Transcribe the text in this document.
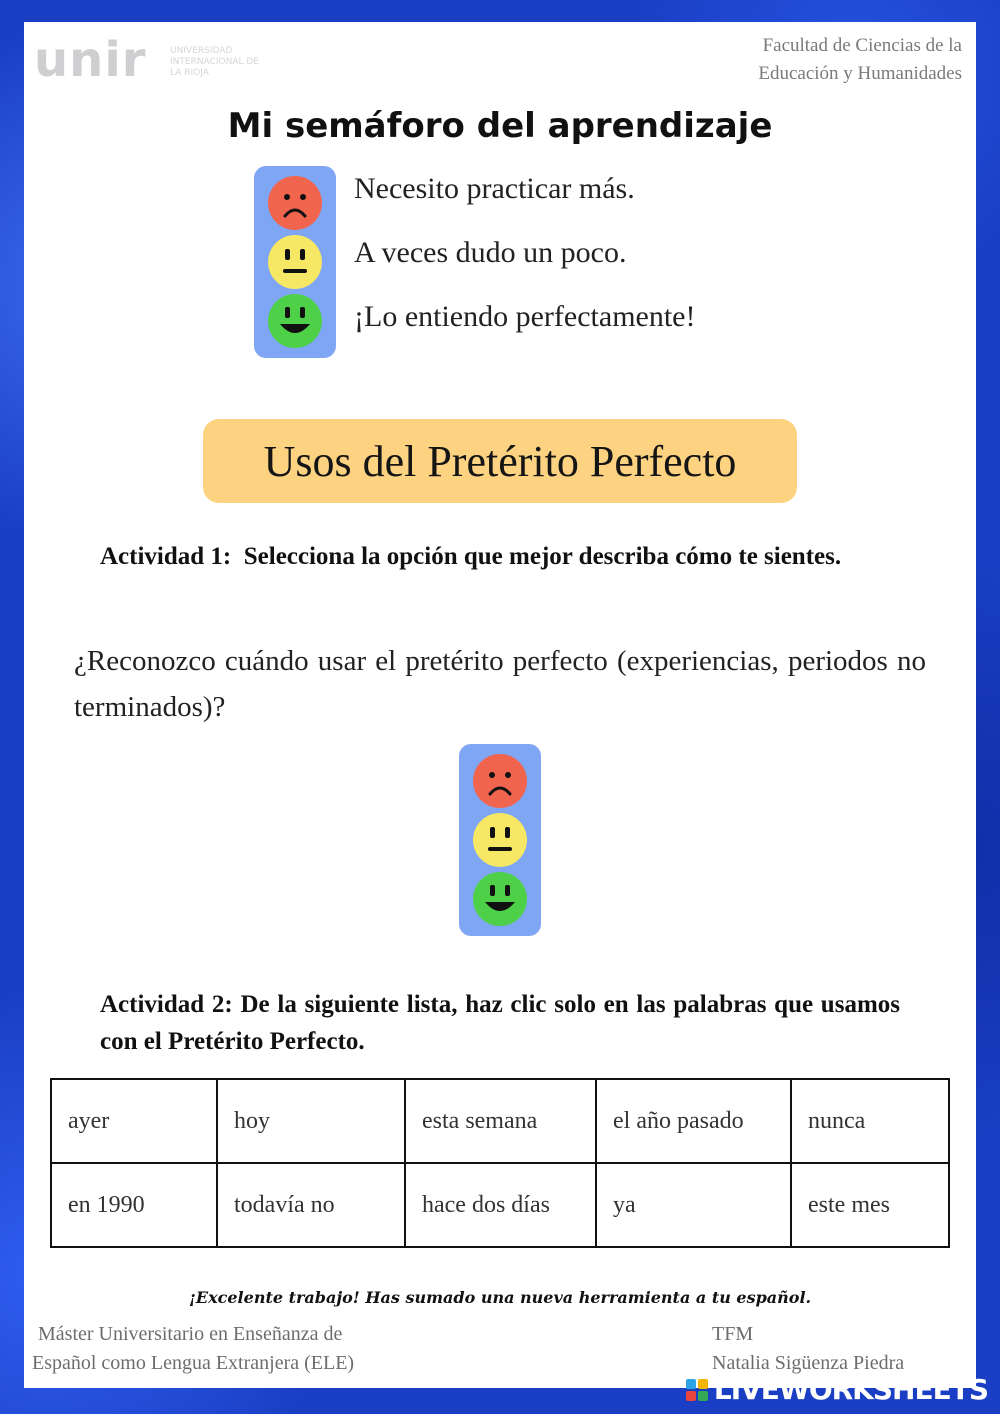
unir	UNIVERSIDAD INTERNACIONAL DE LA RIOJA
Facultad de Ciencias de la
Educación y Humanidades
Mi semáforo del aprendizaje
Necesito practicar más.
A veces dudo un poco.
¡Lo entiendo perfectamente!
Usos del Pretérito Perfecto
Actividad 1: Selecciona la opción que mejor describa cómo te sientes.
¿Reconozco cuándo usar el pretérito perfecto (experiencias, periodos no terminados)?
Actividad 2: De la siguiente lista, haz clic solo en las palabras que usamos con el Pretérito Perfecto.
ayer	hoy	esta semana	el año pasado	nunca
en 1990	todavía no	hace dos días	ya	este mes
¡Excelente trabajo! Has sumado una nueva herramienta a tu español.
Máster Universitario en Enseñanza de
Español como Lengua Extranjera (ELE)
TFM
Natalia Sigüenza Piedra
LIVEWORKSHEETS
